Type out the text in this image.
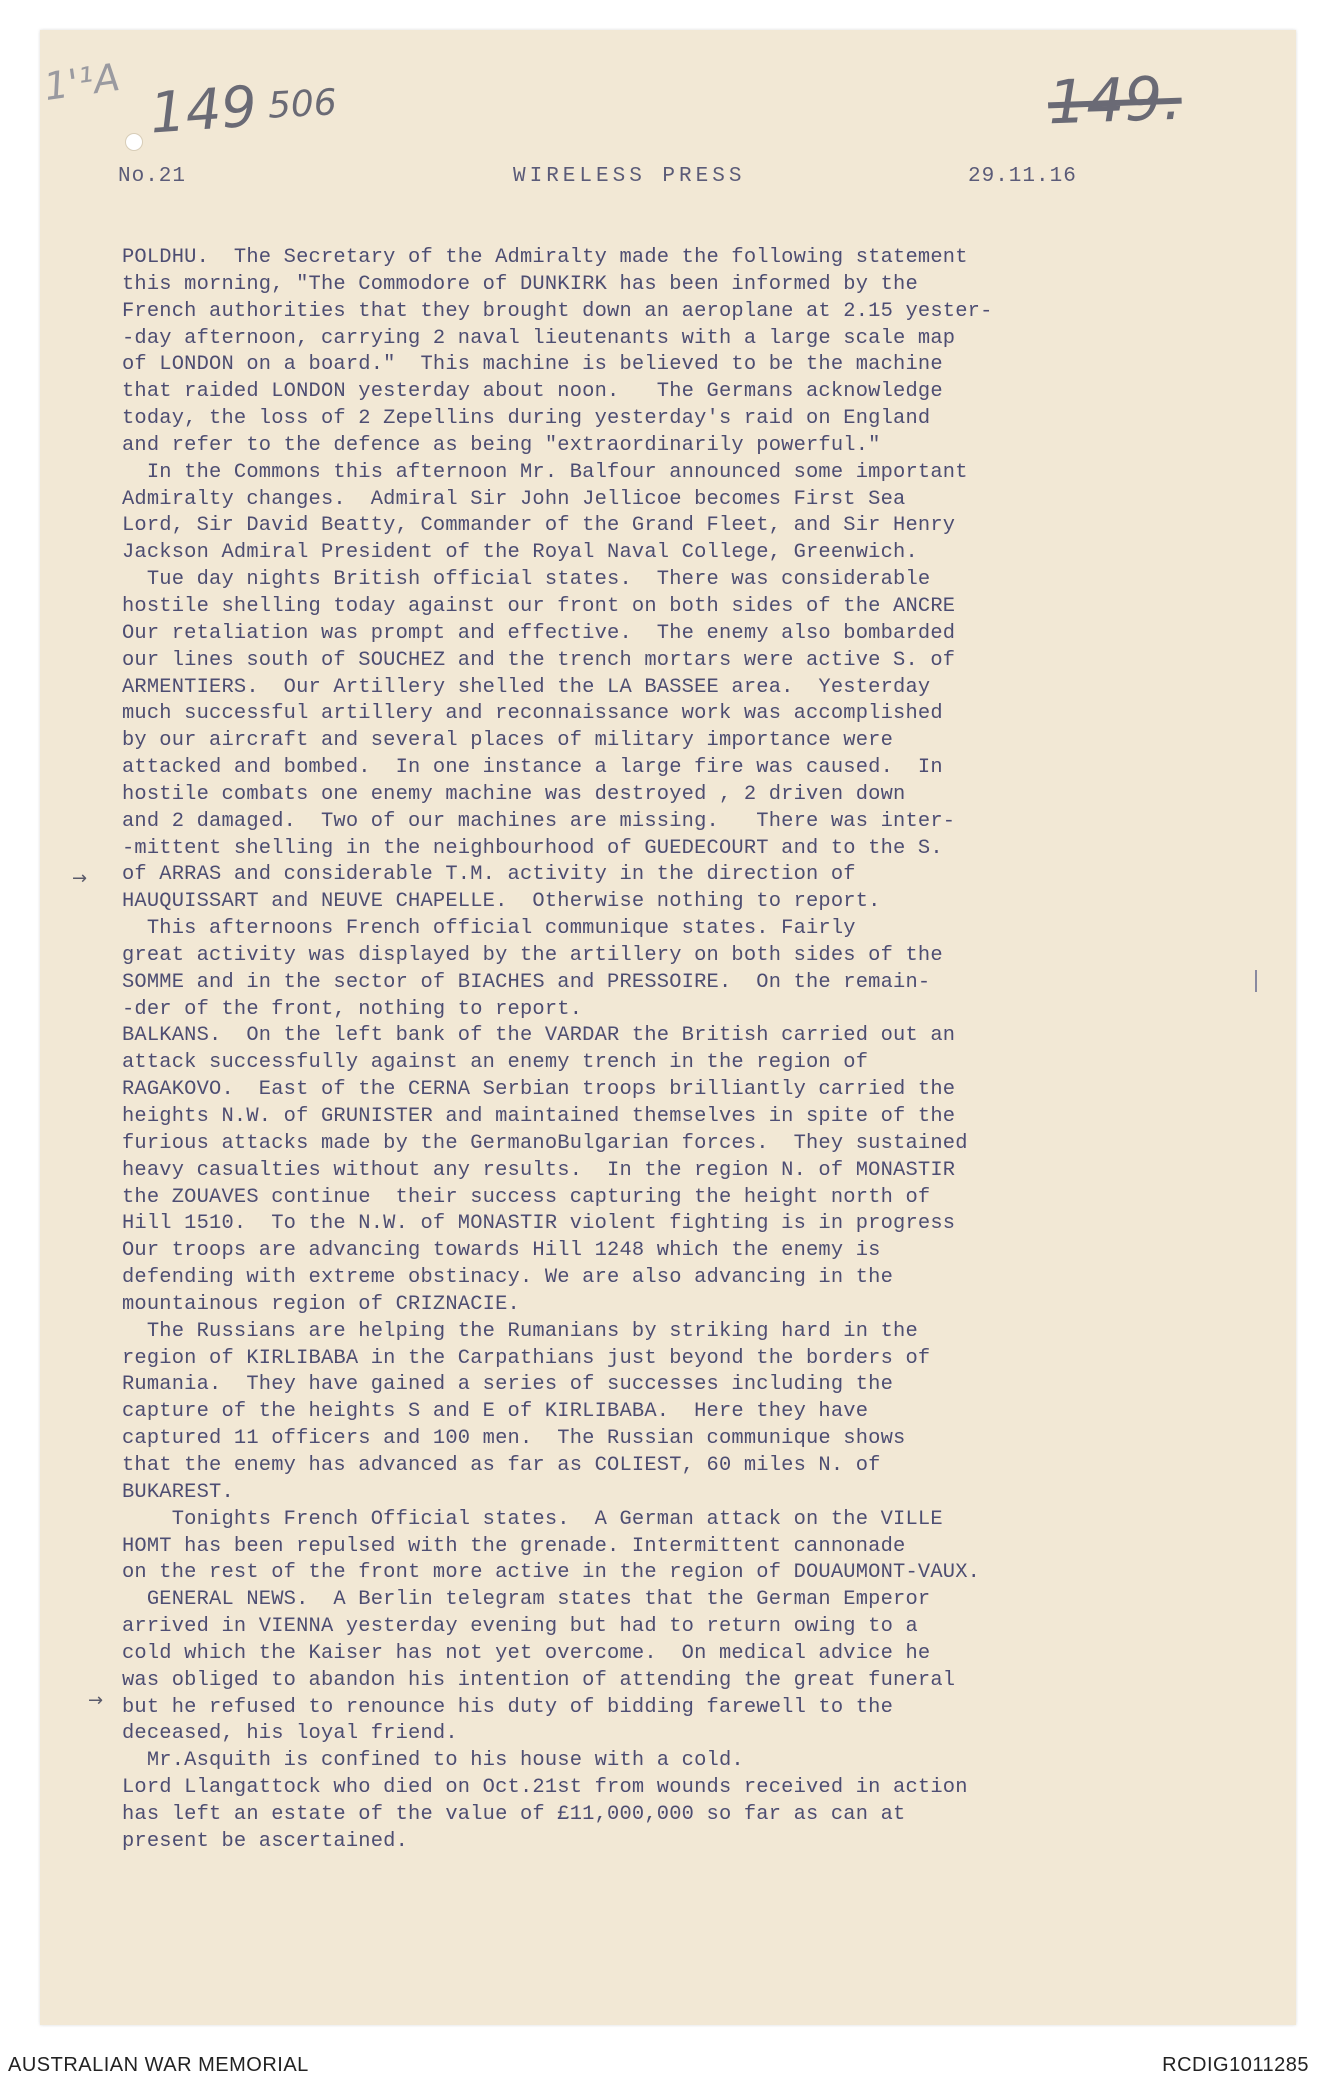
1'¹A 149 506	149.
No.21	WIRELESS PRESS	29.11.16
POLDHU.  The Secretary of the Admiralty made the following statement
this morning, "The Commodore of DUNKIRK has been informed by the
French authorities that they brought down an aeroplane at 2.15 yester-
-day afternoon, carrying 2 naval lieutenants with a large scale map
of LONDON on a board."  This machine is believed to be the machine
that raided LONDON yesterday about noon.   The Germans acknowledge
today, the loss of 2 Zepellins during yesterday's raid on England
and refer to the defence as being "extraordinarily powerful."
In the Commons this afternoon Mr. Balfour announced some important
Admiralty changes.  Admiral Sir John Jellicoe becomes First Sea
Lord, Sir David Beatty, Commander of the Grand Fleet, and Sir Henry
Jackson Admiral President of the Royal Naval College, Greenwich.
Tue day nights British official states.  There was considerable
hostile shelling today against our front on both sides of the ANCRE
Our retaliation was prompt and effective.  The enemy also bombarded
our lines south of SOUCHEZ and the trench mortars were active S. of
ARMENTIERS.  Our Artillery shelled the LA BASSEE area.  Yesterday
much successful artillery and reconnaissance work was accomplished
by our aircraft and several places of military importance were
attacked and bombed.  In one instance a large fire was caused.  In
hostile combats one enemy machine was destroyed , 2 driven down
and 2 damaged.  Two of our machines are missing.   There was inter-
-mittent shelling in the neighbourhood of GUEDECOURT and to the S.
of ARRAS and considerable T.M. activity in the direction of
HAUQUISSART and NEUVE CHAPELLE.  Otherwise nothing to report.
This afternoons French official communique states. Fairly
great activity was displayed by the artillery on both sides of the
SOMME and in the sector of BIACHES and PRESSOIRE.  On the remain-
-der of the front, nothing to report.
BALKANS.  On the left bank of the VARDAR the British carried out an
attack successfully against an enemy trench in the region of
RAGAKOVO.  East of the CERNA Serbian troops brilliantly carried the
heights N.W. of GRUNISTER and maintained themselves in spite of the
furious attacks made by the GermanoBulgarian forces.  They sustained
heavy casualties without any results.  In the region N. of MONASTIR
the ZOUAVES continue  their success capturing the height north of
Hill 1510.  To the N.W. of MONASTIR violent fighting is in progress
Our troops are advancing towards Hill 1248 which the enemy is
defending with extreme obstinacy. We are also advancing in the
mountainous region of CRIZNACIE.
The Russians are helping the Rumanians by striking hard in the
region of KIRLIBABA in the Carpathians just beyond the borders of
Rumania.  They have gained a series of successes including the
capture of the heights S and E of KIRLIBABA.  Here they have
captured 11 officers and 100 men.  The Russian communique shows
that the enemy has advanced as far as COLIEST, 60 miles N. of
BUKAREST.
Tonights French Official states.  A German attack on the VILLE
HOMT has been repulsed with the grenade. Intermittent cannonade
on the rest of the front more active in the region of DOUAUMONT-VAUX.
GENERAL NEWS.  A Berlin telegram states that the German Emperor
arrived in VIENNA yesterday evening but had to return owing to a
cold which the Kaiser has not yet overcome.  On medical advice he
was obliged to abandon his intention of attending the great funeral
but he refused to renounce his duty of bidding farewell to the
deceased, his loyal friend.
Mr.Asquith is confined to his house with a cold.
Lord Llangattock who died on Oct.21st from wounds received in action
has left an estate of the value of £11,000,000 so far as can at
present be ascertained.
→
→
AUSTRALIAN WAR MEMORIAL	RCDIG1011285
